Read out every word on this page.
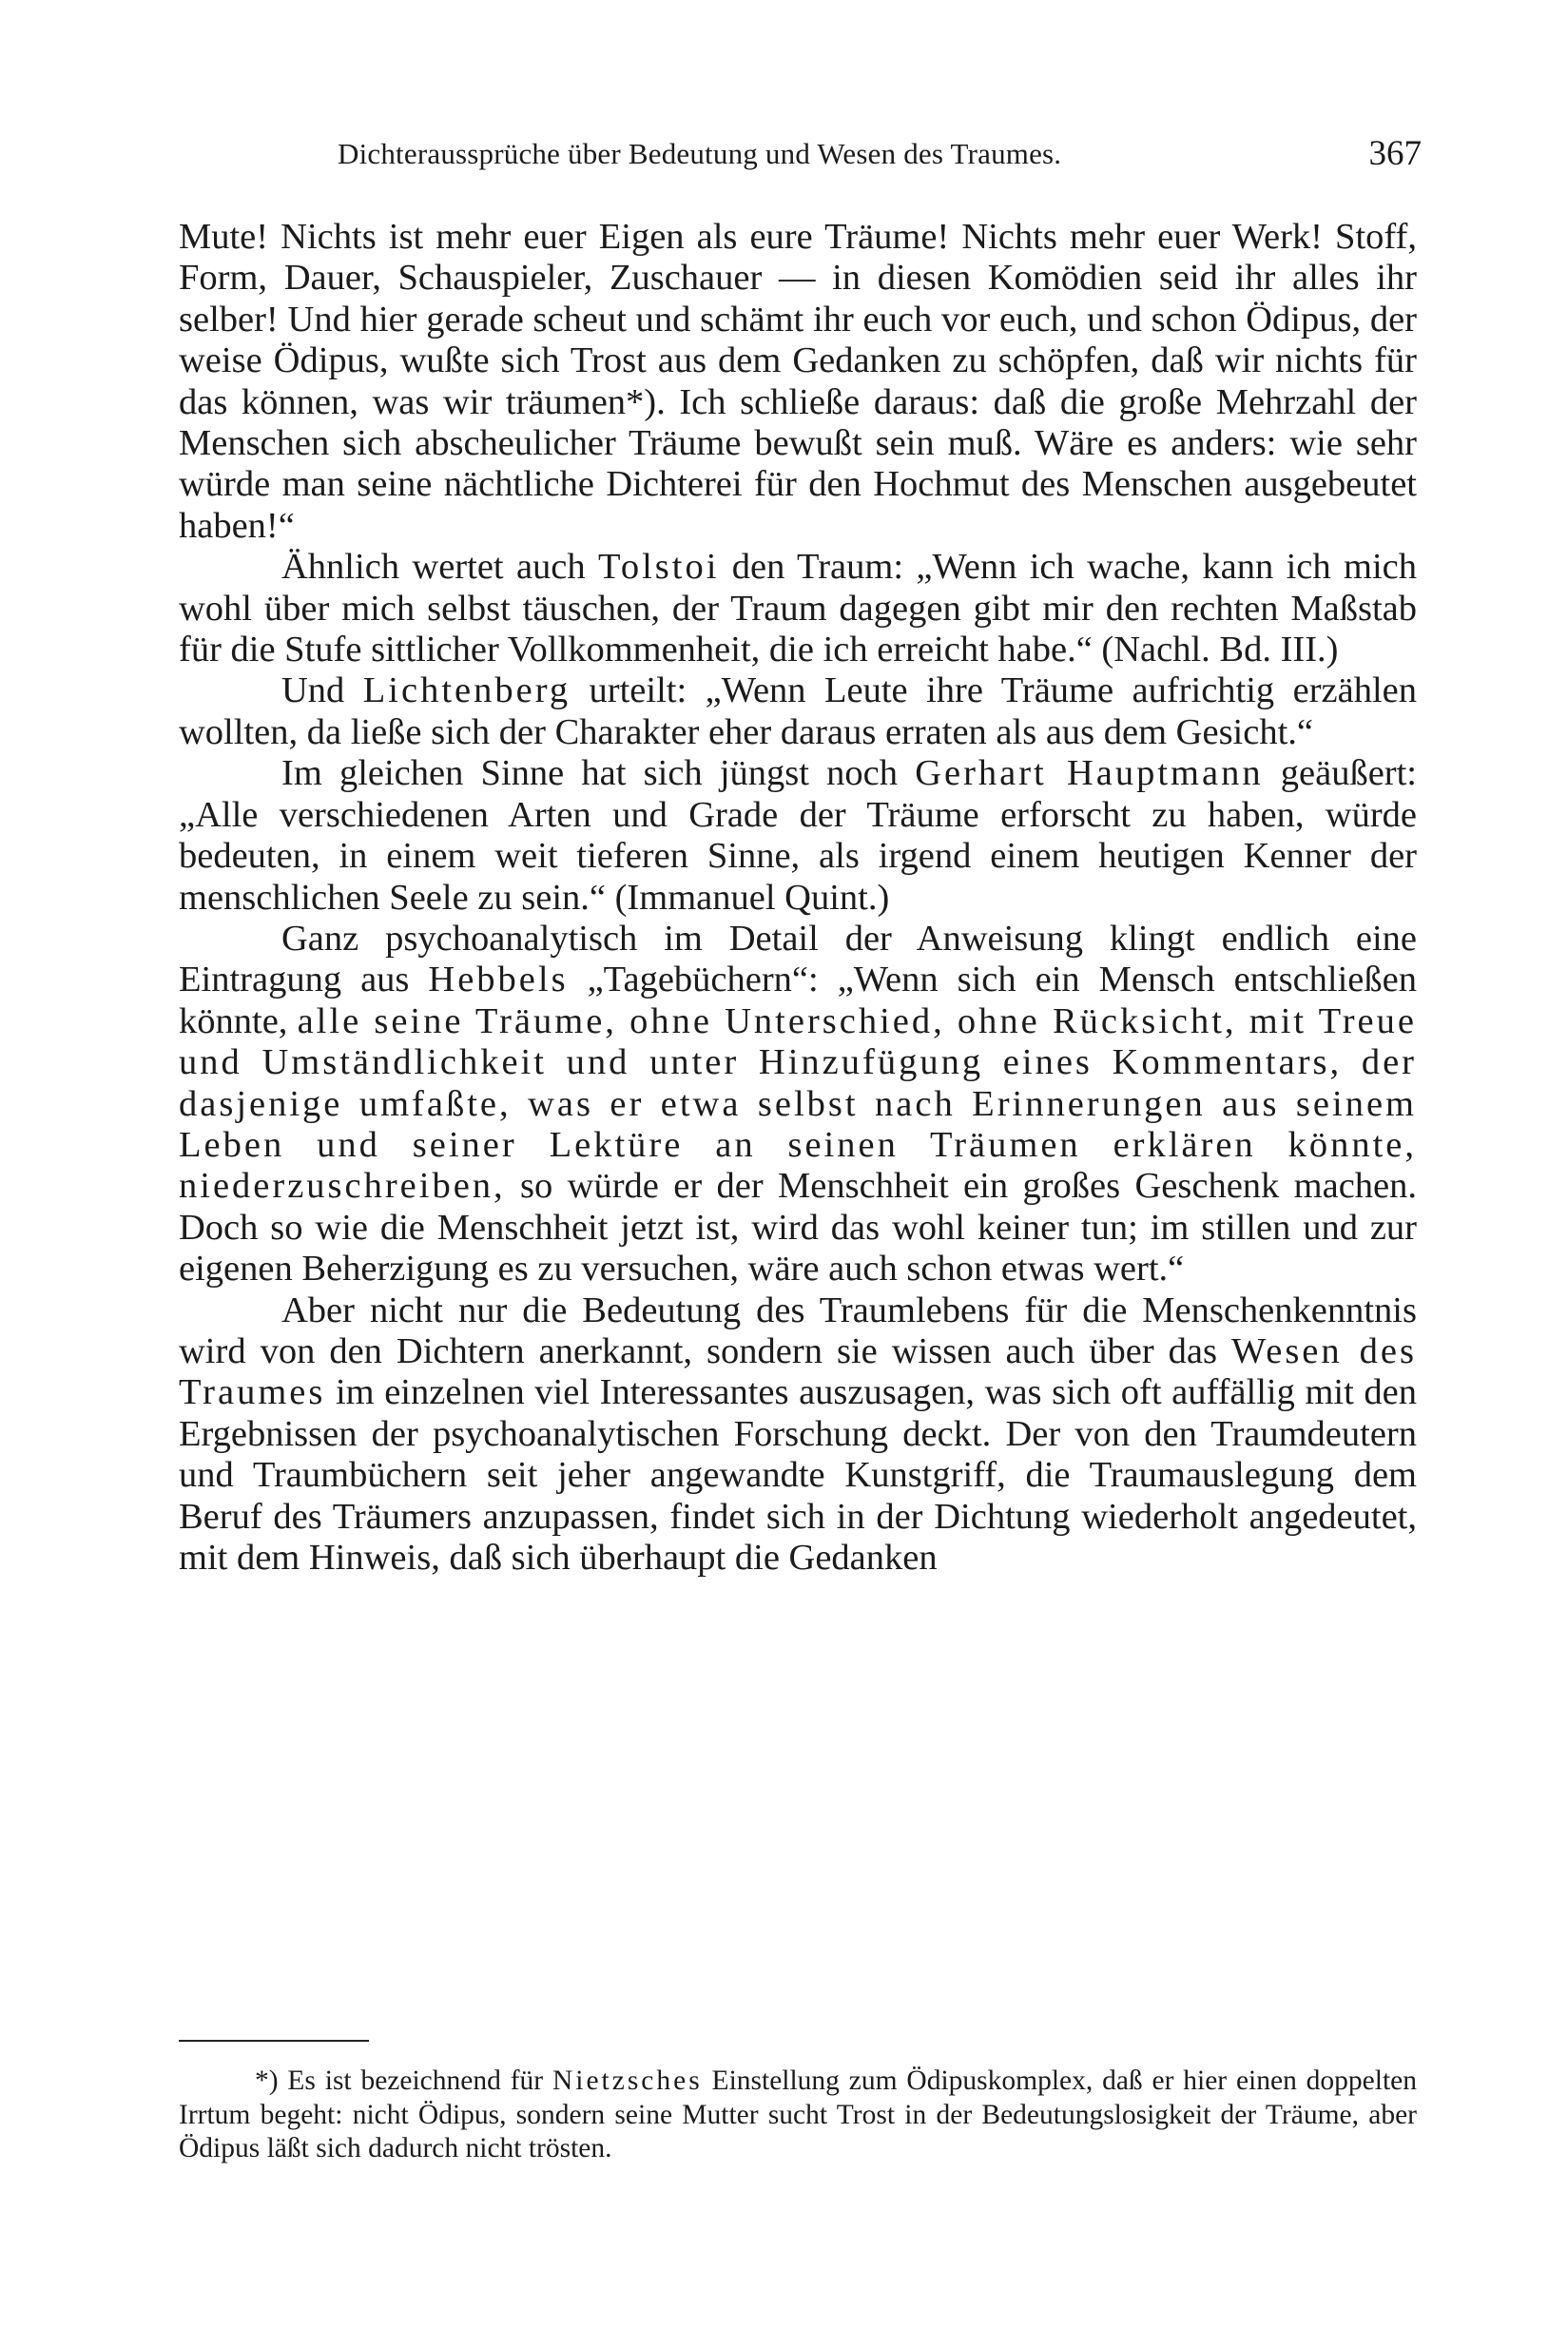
Dichteraussprüche über Bedeutung und Wesen des Traumes.	367

Mute! Nichts ist mehr euer Eigen als eure Träume! Nichts mehr euer Werk! Stoff, Form, Dauer, Schauspieler, Zuschauer — in diesen Komödien seid ihr alles ihr selber! Und hier gerade scheut und schämt ihr euch vor euch, und schon Ödipus, der weise Ödipus, wußte sich Trost aus dem Gedanken zu schöpfen, daß wir nichts für das können, was wir träumen*). Ich schließe daraus: daß die große Mehrzahl der Menschen sich abscheulicher Träume bewußt sein muß. Wäre es anders: wie sehr würde man seine nächtliche Dichterei für den Hochmut des Menschen ausgebeutet haben!“

Ähnlich wertet auch Tolstoi den Traum: „Wenn ich wache, kann ich mich wohl über mich selbst täuschen, der Traum dagegen gibt mir den rechten Maßstab für die Stufe sittlicher Vollkommenheit, die ich erreicht habe.“ (Nachl. Bd. III.)

Und Lichtenberg urteilt: „Wenn Leute ihre Träume aufrichtig erzählen wollten, da ließe sich der Charakter eher daraus erraten als aus dem Gesicht.“

Im gleichen Sinne hat sich jüngst noch Gerhart Hauptmann geäußert: „Alle verschiedenen Arten und Grade der Träume erforscht zu haben, würde bedeuten, in einem weit tieferen Sinne, als irgend einem heutigen Kenner der menschlichen Seele zu sein.“ (Immanuel Quint.)

Ganz psychoanalytisch im Detail der Anweisung klingt endlich eine Eintragung aus Hebbels „Tagebüchern“: „Wenn sich ein Mensch entschließen könnte, alle seine Träume, ohne Unterschied, ohne Rücksicht, mit Treue und Umständlichkeit und unter Hinzufügung eines Kommentars, der dasjenige umfaßte, was er etwa selbst nach Erinnerungen aus seinem Leben und seiner Lektüre an seinen Träumen erklären könnte, niederzuschreiben, so würde er der Menschheit ein großes Geschenk machen. Doch so wie die Menschheit jetzt ist, wird das wohl keiner tun; im stillen und zur eigenen Beherzigung es zu versuchen, wäre auch schon etwas wert.“

Aber nicht nur die Bedeutung des Traumlebens für die Menschenkenntnis wird von den Dichtern anerkannt, sondern sie wissen auch über das Wesen des Traumes im einzelnen viel Interessantes auszusagen, was sich oft auffällig mit den Ergebnissen der psychoanalytischen Forschung deckt. Der von den Traumdeutern und Traumbüchern seit jeher angewandte Kunstgriff, die Traumauslegung dem Beruf des Träumers anzupassen, findet sich in der Dichtung wiederholt angedeutet, mit dem Hinweis, daß sich überhaupt die Gedanken

*) Es ist bezeichnend für Nietzsches Einstellung zum Ödipuskomplex, daß er hier einen doppelten Irrtum begeht: nicht Ödipus, sondern seine Mutter sucht Trost in der Bedeutungslosigkeit der Träume, aber Ödipus läßt sich dadurch nicht trösten.
